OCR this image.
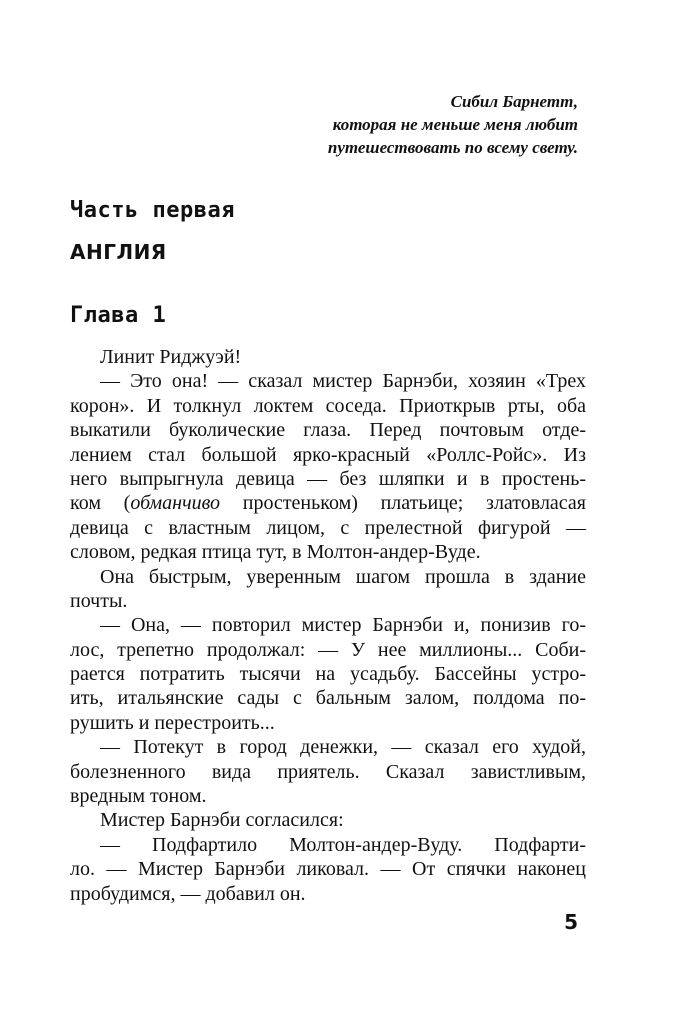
Сибил Барнетт,
которая не меньше меня любит
путешествовать по всему свету.
Часть первая
АНГЛИЯ
Глава 1
Линит Риджуэй!
— Это она! — сказал мистер Барнэби, хозяин «Трех
корон». И толкнул локтем соседа. Приоткрыв рты, оба
выкатили буколические глаза. Перед почтовым отде-
лением стал большой ярко-красный «Роллс-Ройс». Из
него выпрыгнула девица — без шляпки и в простень-
ком (обманчиво простеньком) платьице; златовласая
девица с властным лицом, с прелестной фигурой —
словом, редкая птица тут, в Молтон-андер-Вуде.
Она быстрым, уверенным шагом прошла в здание
почты.
— Она, — повторил мистер Барнэби и, понизив го-
лос, трепетно продолжал: — У нее миллионы... Соби-
рается потратить тысячи на усадьбу. Бассейны устро-
ить, итальянские сады с бальным залом, полдома по-
рушить и перестроить...
— Потекут в город денежки, — сказал его худой,
болезненного вида приятель. Сказал завистливым,
вредным тоном.
Мистер Барнэби согласился:
— Подфартило Молтон-андер-Вуду. Подфарти-
ло. — Мистер Барнэби ликовал. — От спячки наконец
пробудимся, — добавил он.
5
